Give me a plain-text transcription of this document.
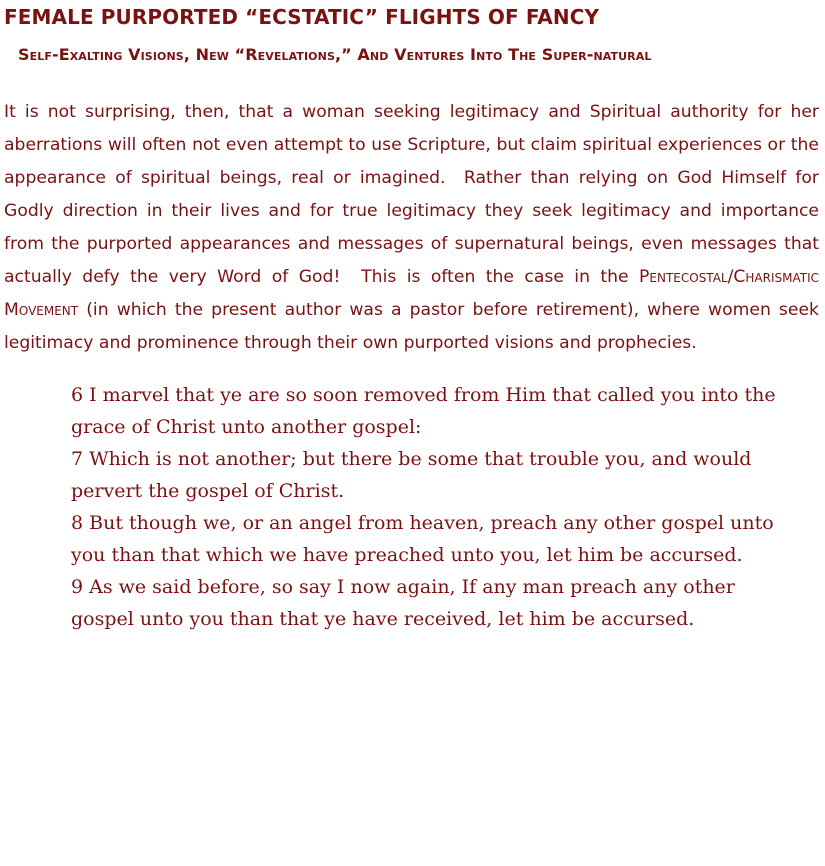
FEMALE PURPORTED “ECSTATIC” FLIGHTS OF FANCY
Self-Exalting Visions, New “Revelations,” And Ventures Into The Super-natural

It is not surprising, then, that a woman seeking legitimacy and Spiritual authority for her aberrations will often not even attempt to use Scripture, but claim spiritual experiences or the appearance of spiritual beings, real or imagined.  Rather than relying on God Himself for Godly direction in their lives and for true legitimacy they seek legitimacy and importance from the purported appearances and messages of supernatural beings, even messages that actually defy the very Word of God!  This is often the case in the Pentecostal/Charismatic Movement (in which the present author was a pastor before retirement), where women seek legitimacy and prominence through their own purported visions and prophecies.

6 I marvel that ye are so soon removed from Him that called you into the grace of Christ unto another gospel:

7 Which is not another; but there be some that trouble you, and would pervert the gospel of Christ.

8 But though we, or an angel from heaven, preach any other gospel unto you than that which we have preached unto you, let him be accursed.

9 As we said before, so say I now again, If any man preach any other gospel unto you than that ye have received, let him be accursed.
